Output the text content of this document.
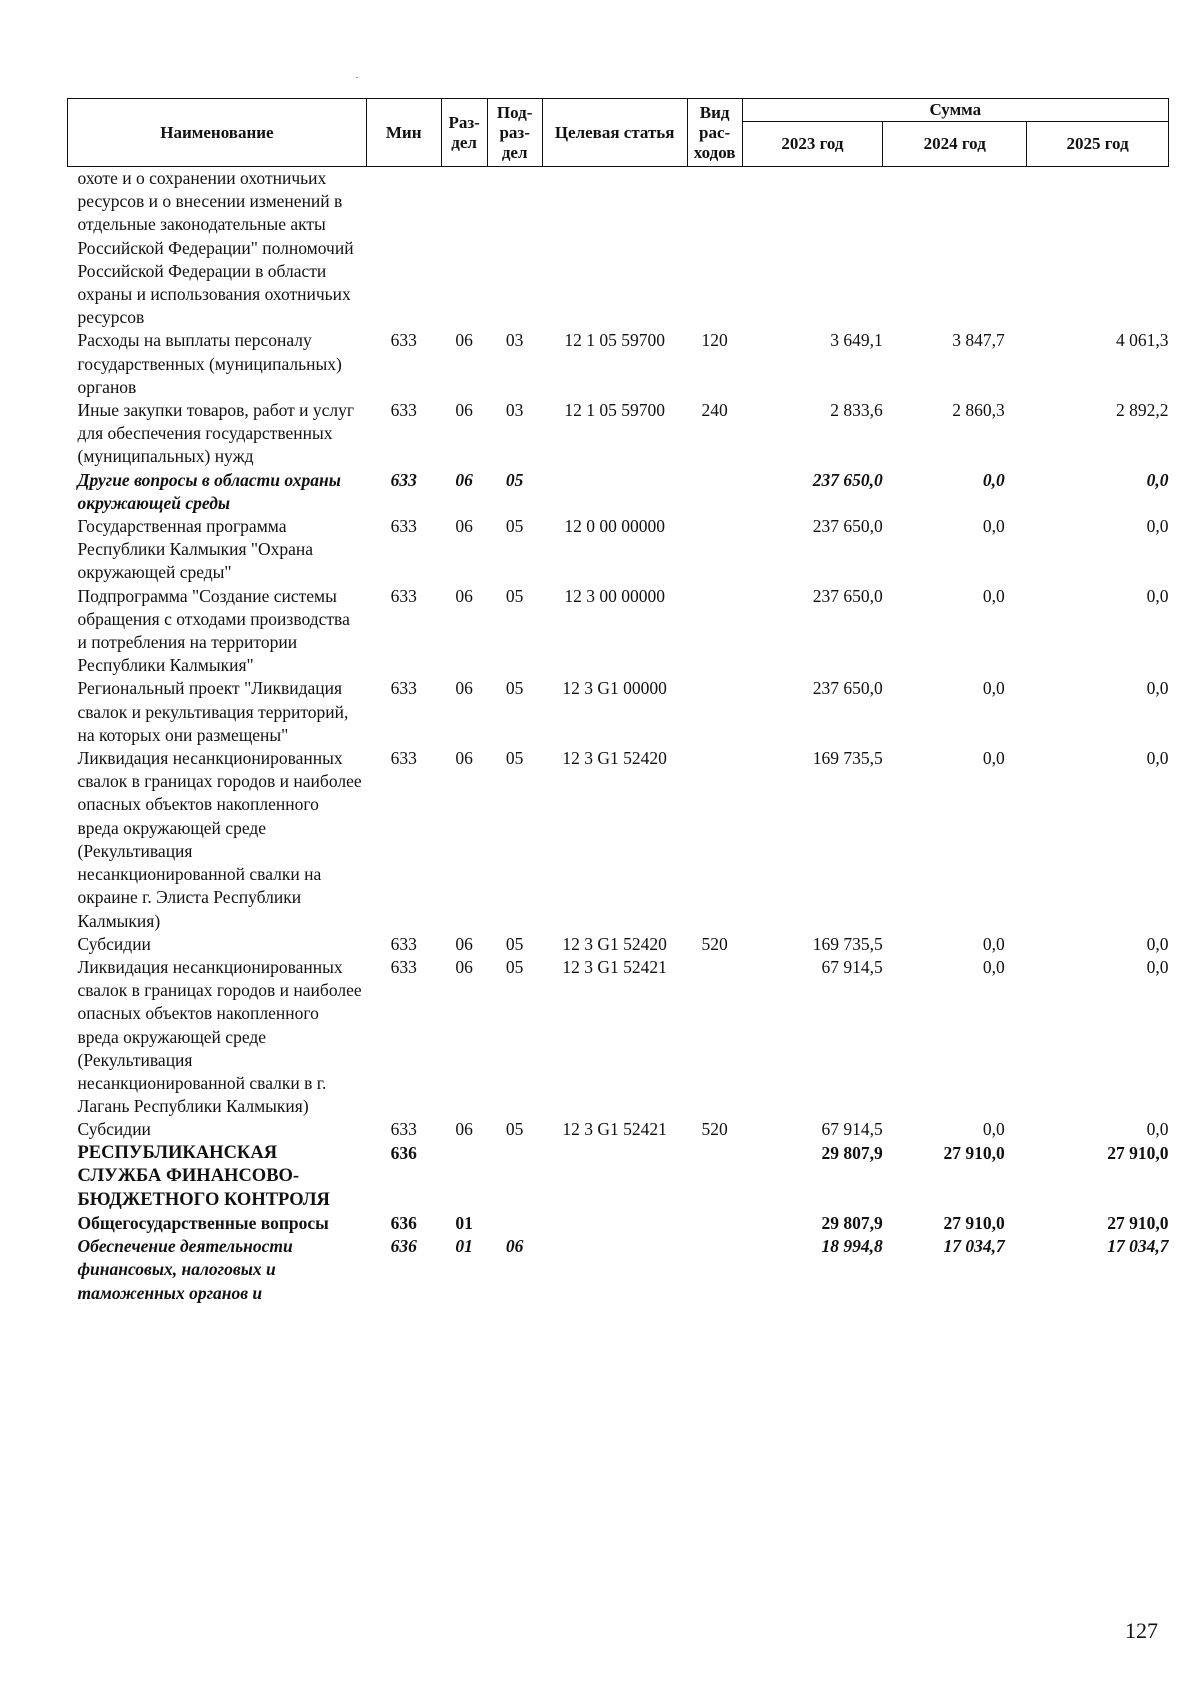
Наименование	Мин	Раз-дел	Под-раз-дел	Целевая статья	Вид рас-ходов	Сумма		
						2023 год	2024 год	2025 год
охоте и о сохранении охотничьих ресурсов и о внесении изменений в отдельные законодательные акты Российской Федерации" полномочий Российской Федерации в области охраны и использования охотничьих ресурсов								
Расходы на выплаты персоналу государственных (муниципальных) органов	633	06	03	12 1 05 59700	120	3 649,1	3 847,7	4 061,3
Иные закупки товаров, работ и услуг для обеспечения государственных (муниципальных) нужд	633	06	03	12 1 05 59700	240	2 833,6	2 860,3	2 892,2
Другие вопросы в области охраны окружающей среды	633	06	05			237 650,0	0,0	0,0
Государственная программа Республики Калмыкия "Охрана окружающей среды"	633	06	05	12 0 00 00000		237 650,0	0,0	0,0
Подпрограмма "Создание системы обращения с отходами производства и потребления на территории Республики Калмыкия"	633	06	05	12 3 00 00000		237 650,0	0,0	0,0
Региональный проект "Ликвидация свалок и рекультивация территорий, на которых они размещены"	633	06	05	12 3 G1 00000		237 650,0	0,0	0,0
Ликвидация несанкционированных свалок в границах городов и наиболее опасных объектов накопленного вреда окружающей среде (Рекультивация несанкционированной свалки на окраине г. Элиста Республики Калмыкия)	633	06	05	12 3 G1 52420		169 735,5	0,0	0,0
Субсидии	633	06	05	12 3 G1 52420	520	169 735,5	0,0	0,0
Ликвидация несанкционированных свалок в границах городов и наиболее опасных объектов накопленного вреда окружающей среде (Рекультивация несанкционированной свалки в г. Лагань Республики Калмыкия)	633	06	05	12 3 G1 52421		67 914,5	0,0	0,0
Субсидии	633	06	05	12 3 G1 52421	520	67 914,5	0,0	0,0
РЕСПУБЛИКАНСКАЯ СЛУЖБА ФИНАНСОВО-БЮДЖЕТНОГО КОНТРОЛЯ	636					29 807,9	27 910,0	27 910,0
Общегосударственные вопросы	636	01				29 807,9	27 910,0	27 910,0
Обеспечение деятельности финансовых, налоговых и таможенных органов и	636	01	06			18 994,8	17 034,7	17 034,7
127
